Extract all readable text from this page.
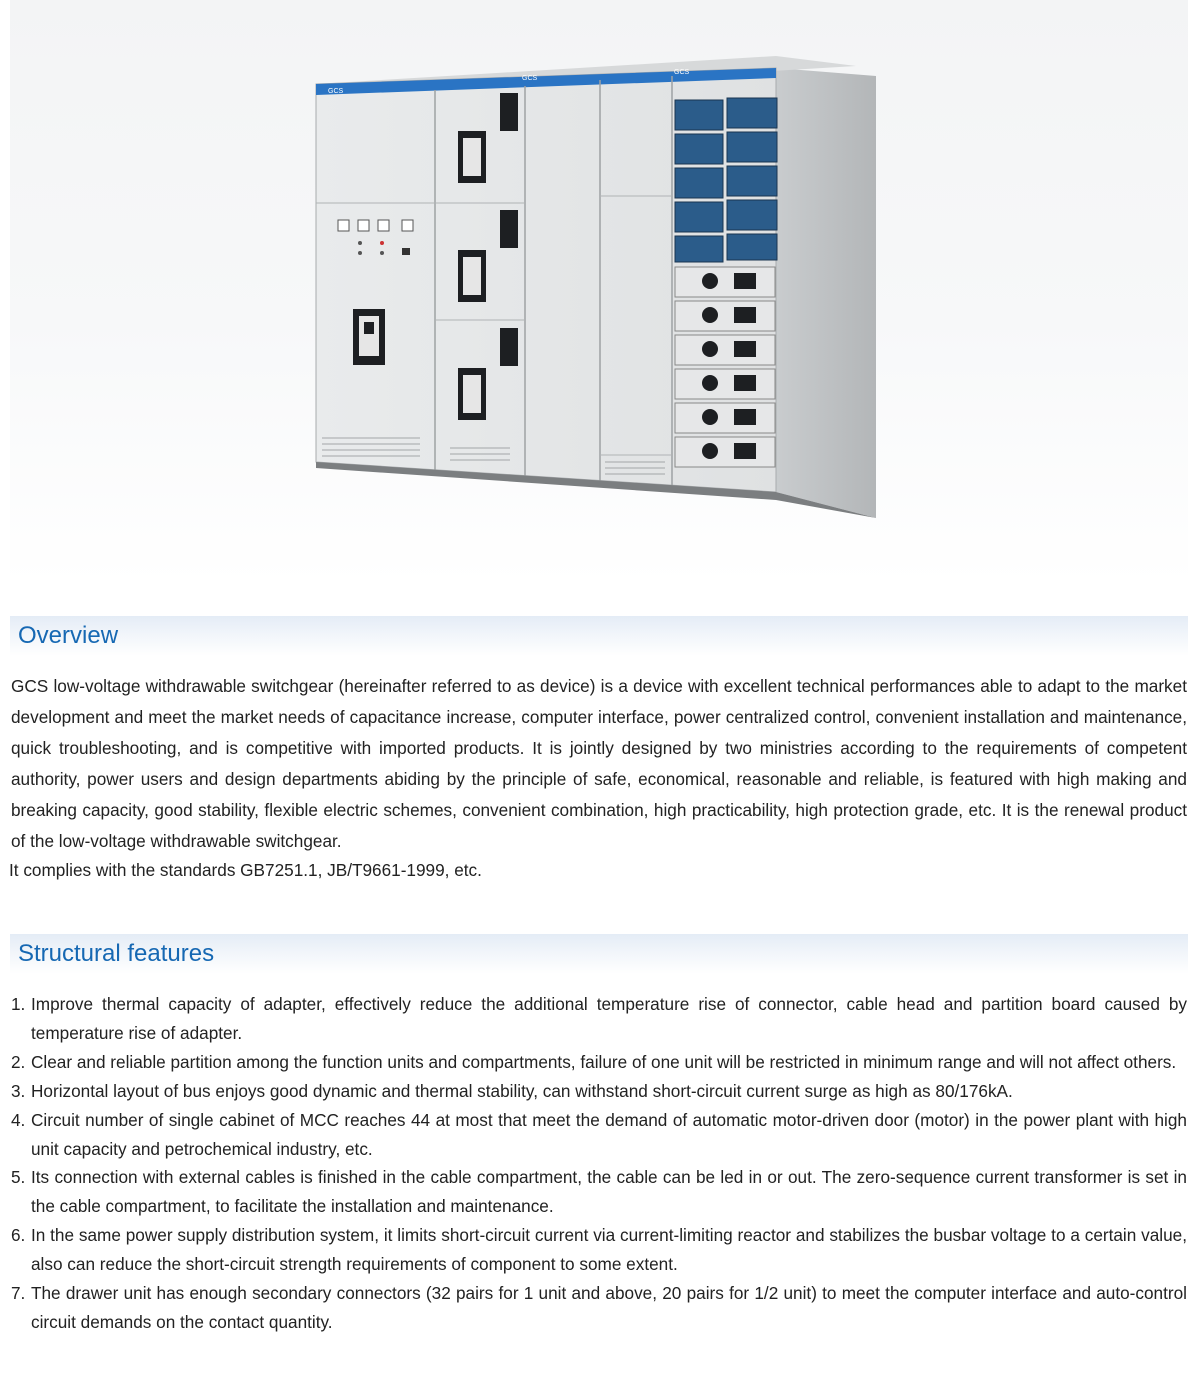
GCS
GCS
GCS
Overview

GCS low-voltage withdrawable switchgear (hereinafter referred to as device) is a device with excellent technical performances able to adapt to the market development and meet the market needs of capacitance increase, computer interface, power centralized control, convenient installation and maintenance, quick troubleshooting, and is competitive with imported products. It is jointly designed by two ministries according to the requirements of competent authority, power users and design departments abiding by the principle of safe, economical, reasonable and reliable, is featured with high making and breaking capacity, good stability, flexible electric schemes, convenient combination, high practicability, high protection grade, etc. It is the renewal product of the low-voltage withdrawable switchgear.

It complies with the standards GB7251.1, JB/T9661-1999, etc.
Structural features
1. Improve thermal capacity of adapter, effectively reduce the additional temperature rise of connector, cable head and partition board caused by temperature rise of adapter.
2. Clear and reliable partition among the function units and compartments, failure of one unit will be restricted in minimum range and will not affect others.
3. Horizontal layout of bus enjoys good dynamic and thermal stability, can withstand short-circuit current surge as high as 80/176kA.
4. Circuit number of single cabinet of MCC reaches 44 at most that meet the demand of automatic motor-driven door (motor) in the power plant with high unit capacity and petrochemical industry, etc.
5. Its connection with external cables is finished in the cable compartment, the cable can be led in or out. The zero-sequence current transformer is set in the cable compartment, to facilitate the installation and maintenance.
6. In the same power supply distribution system, it limits short-circuit current via current-limiting reactor and stabilizes the busbar voltage to a certain value, also can reduce the short-circuit strength requirements of component to some extent.
7. The drawer unit has enough secondary connectors (32 pairs for 1 unit and above, 20 pairs for 1/2 unit) to meet the computer interface and auto-control circuit demands on the contact quantity.
